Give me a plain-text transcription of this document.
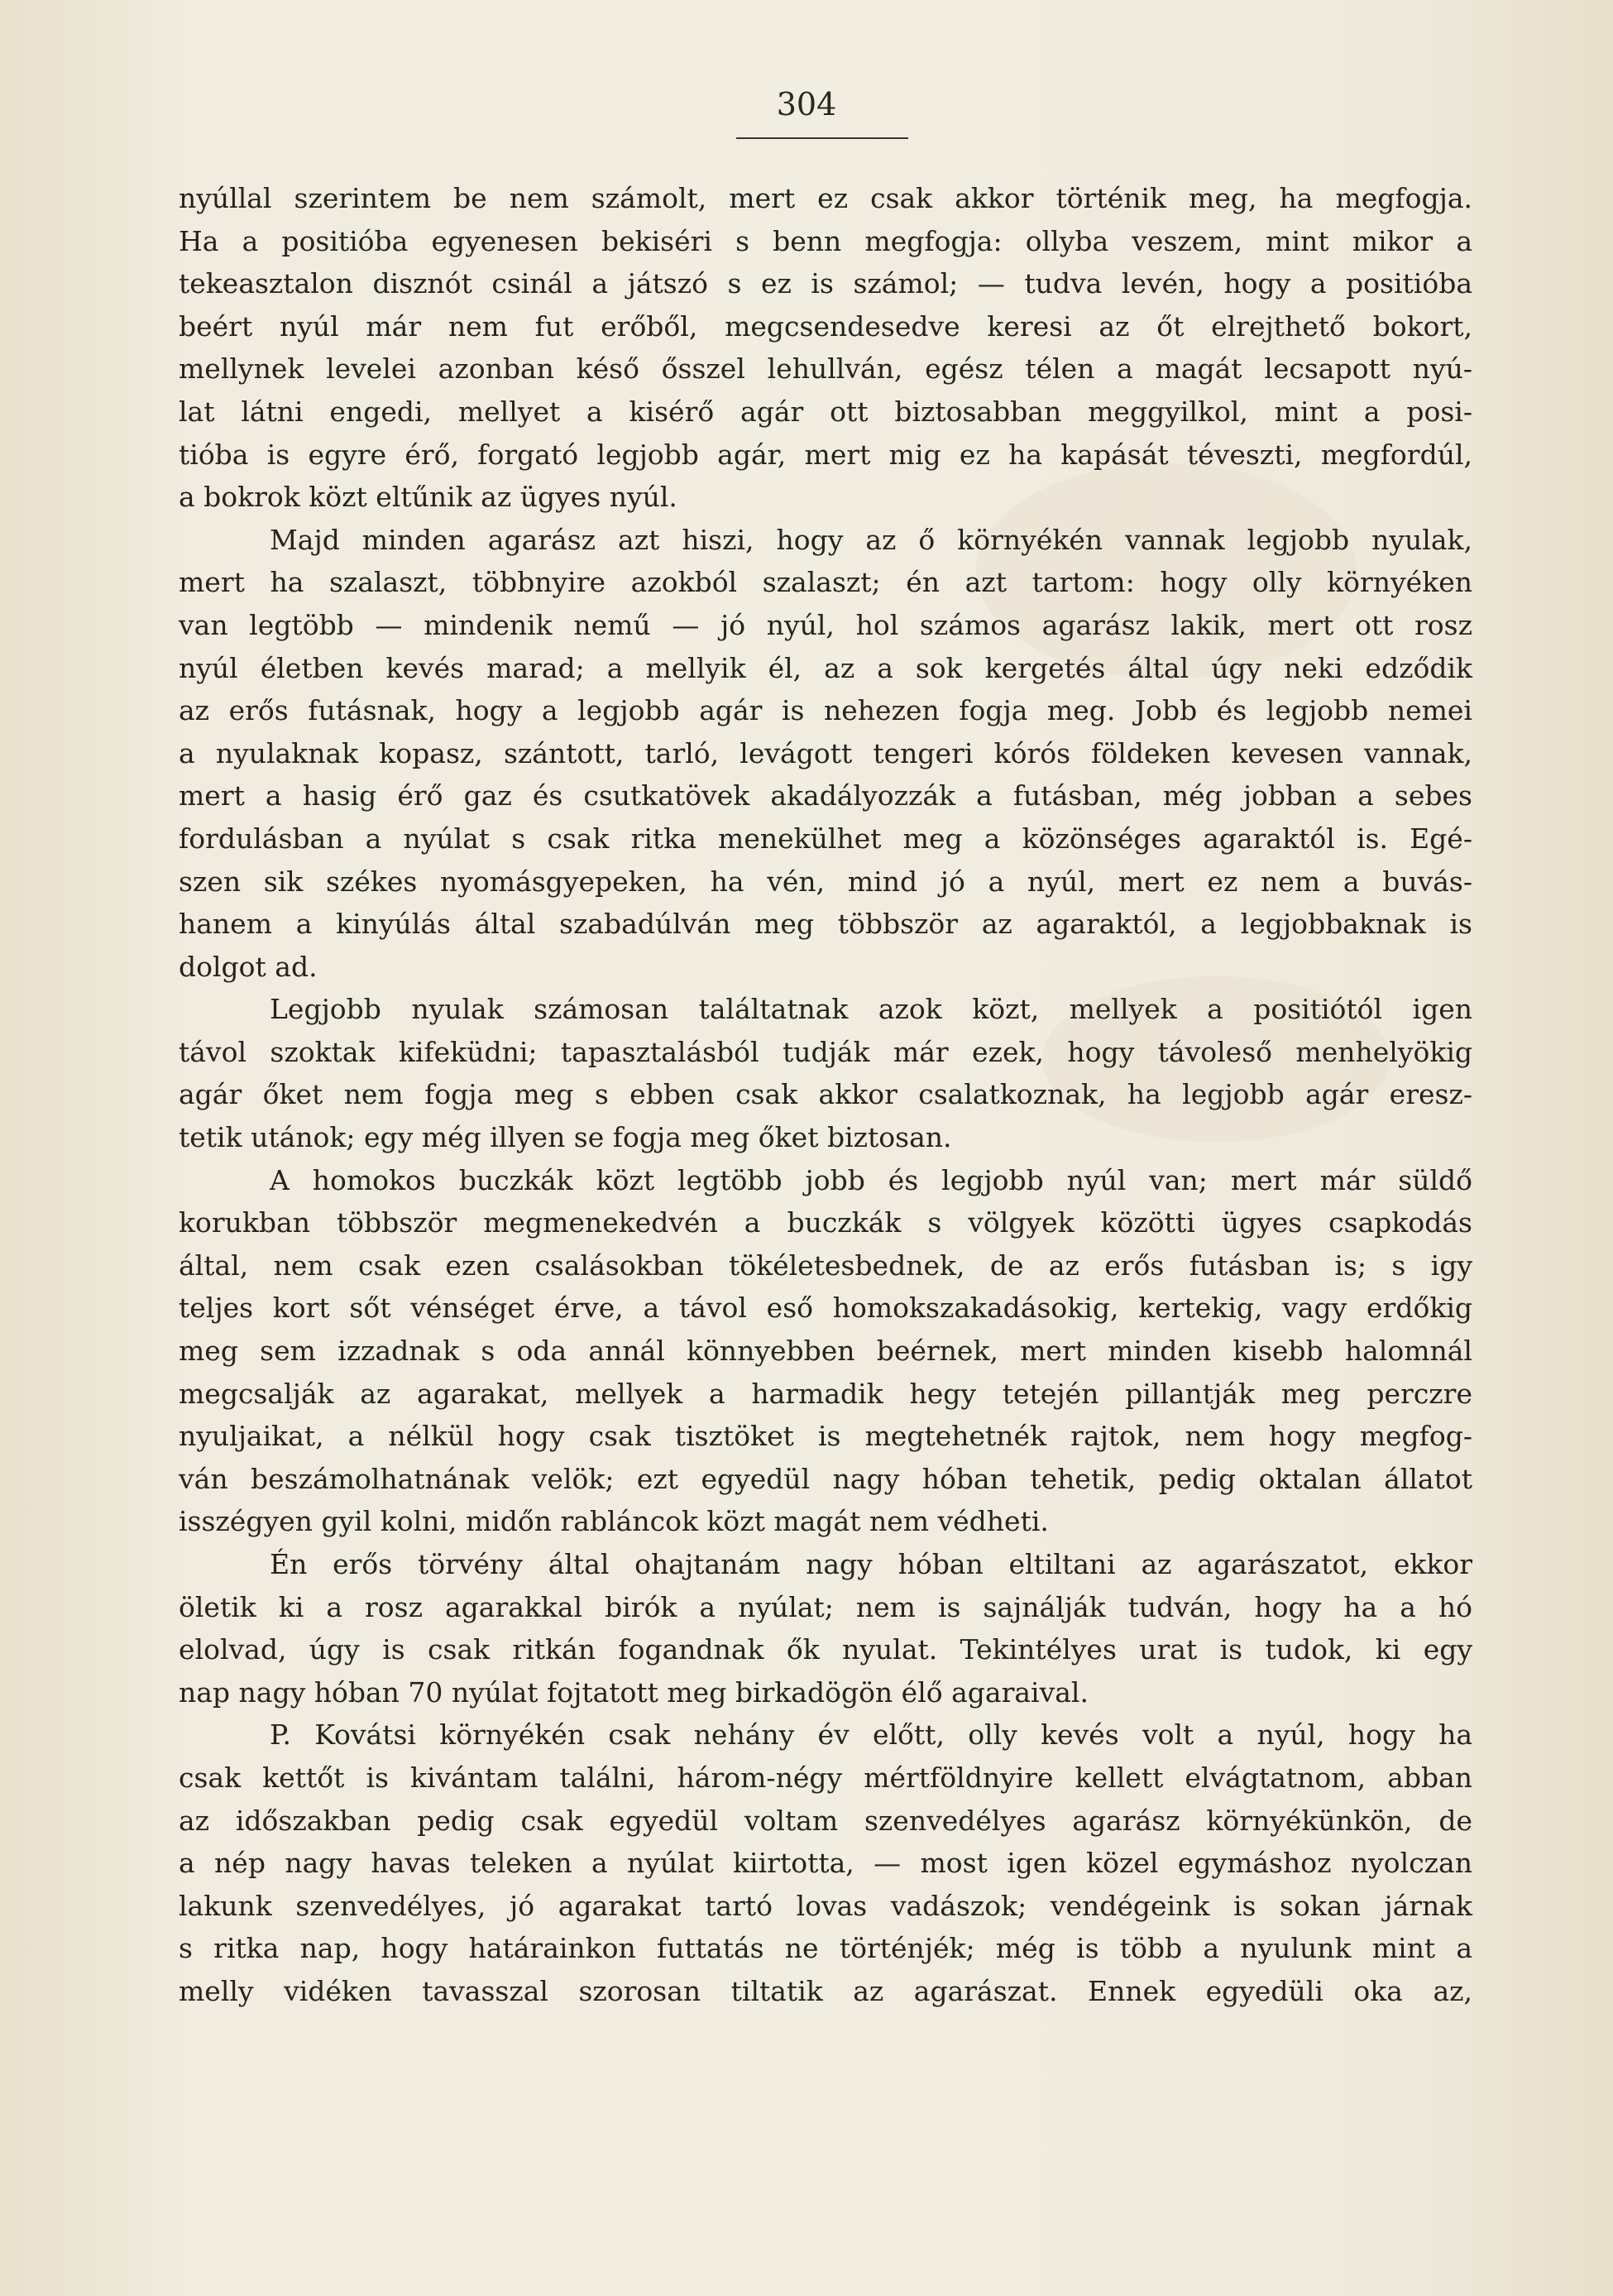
304
nyúllal szerintem be nem számolt, mert ez csak akkor történik meg, ha megfogja.
Ha a positióba egyenesen bekiséri s benn megfogja: ollyba veszem, mint mikor a
tekeasztalon disznót csinál a játszó s ez is számol; — tudva levén, hogy a positióba
beért nyúl már nem fut erőből, megcsendesedve keresi az őt elrejthető bokort,
mellynek levelei azonban késő ősszel lehullván, egész télen a magát lecsapott nyú-
lat látni engedi, mellyet a kisérő agár ott biztosabban meggyilkol, mint a posi-
tióba is egyre érő, forgató legjobb agár, mert mig ez ha kapását téveszti, megfordúl,
a bokrok közt eltűnik az ügyes nyúl.
Majd minden agarász azt hiszi, hogy az ő környékén vannak legjobb nyulak,
mert ha szalaszt, többnyire azokból szalaszt; én azt tartom: hogy olly környéken
van legtöbb — mindenik nemű — jó nyúl, hol számos agarász lakik, mert ott rosz
nyúl életben kevés marad; a mellyik él, az a sok kergetés által úgy neki edződik
az erős futásnak, hogy a legjobb agár is nehezen fogja meg. Jobb és legjobb nemei
a nyulaknak kopasz, szántott, tarló, levágott tengeri kórós földeken kevesen vannak,
mert a hasig érő gaz és csutkatövek akadályozzák a futásban, még jobban a sebes
fordulásban a nyúlat s csak ritka menekülhet meg a közönséges agaraktól is. Egé-
szen sik székes nyomásgyepeken, ha vén, mind jó a nyúl, mert ez nem a buvás-
hanem a kinyúlás által szabadúlván meg többször az agaraktól, a legjobbaknak is
dolgot ad.
Legjobb nyulak számosan találtatnak azok közt, mellyek a positiótól igen
távol szoktak kifeküdni; tapasztalásból tudják már ezek, hogy távoleső menhelyökig
agár őket nem fogja meg s ebben csak akkor csalatkoznak, ha legjobb agár eresz-
tetik utánok; egy még illyen se fogja meg őket biztosan.
A homokos buczkák közt legtöbb jobb és legjobb nyúl van; mert már süldő
korukban többször megmenekedvén a buczkák s völgyek közötti ügyes csapkodás
által, nem csak ezen csalásokban tökéletesbednek, de az erős futásban is; s igy
teljes kort sőt vénséget érve, a távol eső homokszakadásokig, kertekig, vagy erdőkig
meg sem izzadnak s oda annál könnyebben beérnek, mert minden kisebb halomnál
megcsalják az agarakat, mellyek a harmadik hegy tetején pillantják meg perczre
nyuljaikat, a nélkül hogy csak tisztöket is megtehetnék rajtok, nem hogy megfog-
ván beszámolhatnának velök; ezt egyedül nagy hóban tehetik, pedig oktalan állatot
isszégyen gyil kolni, midőn rabláncok közt magát nem védheti.
Én erős törvény által ohajtanám nagy hóban eltiltani az agarászatot, ekkor
öletik ki a rosz agarakkal birók a nyúlat; nem is sajnálják tudván, hogy ha a hó
elolvad, úgy is csak ritkán fogandnak ők nyulat. Tekintélyes urat is tudok, ki egy
nap nagy hóban 70 nyúlat fojtatott meg birkadögön élő agaraival.
P. Kovátsi környékén csak nehány év előtt, olly kevés volt a nyúl, hogy ha
csak kettőt is kivántam találni, három-négy mértföldnyire kellett elvágtatnom, abban
az időszakban pedig csak egyedül voltam szenvedélyes agarász környékünkön, de
a nép nagy havas teleken a nyúlat kiirtotta, — most igen közel egymáshoz nyolczan
lakunk szenvedélyes, jó agarakat tartó lovas vadászok; vendégeink is sokan járnak
s ritka nap, hogy határainkon futtatás ne történjék; még is több a nyulunk mint a
melly vidéken tavasszal szorosan tiltatik az agarászat. Ennek egyedüli oka az,
